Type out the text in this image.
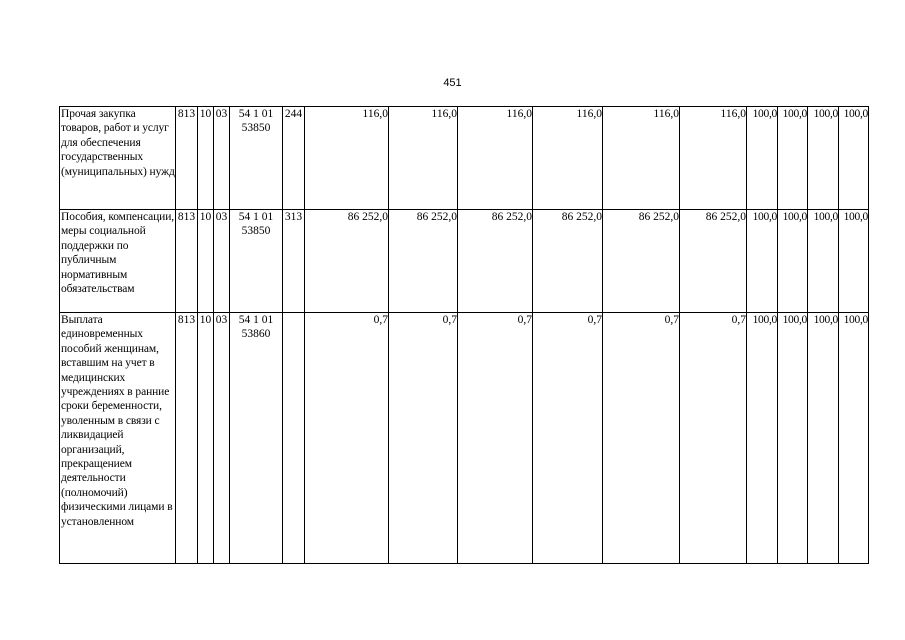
451
Прочая закупка товаров, работ и услуг для обеспечения государственных (муниципальных) нужд	813	10	03	54 1 01 53850	244	116,0	116,0	116,0	116,0	116,0	116,0	100,0	100,0	100,0	100,0
Пособия, компенсации, меры социальной поддержки по публичным нормативным обязательствам	813	10	03	54 1 01 53850	313	86 252,0	86 252,0	86 252,0	86 252,0	86 252,0	86 252,0	100,0	100,0	100,0	100,0
Выплата единовременных пособий женщинам, вставшим на учет в медицинских учреждениях в ранние сроки беременности, уволенным в связи с ликвидацией организаций, прекращением деятельности (полномочий) физическими лицами в установленном	813	10	03	54 1 01 53860		0,7	0,7	0,7	0,7	0,7	0,7	100,0	100,0	100,0	100,0
